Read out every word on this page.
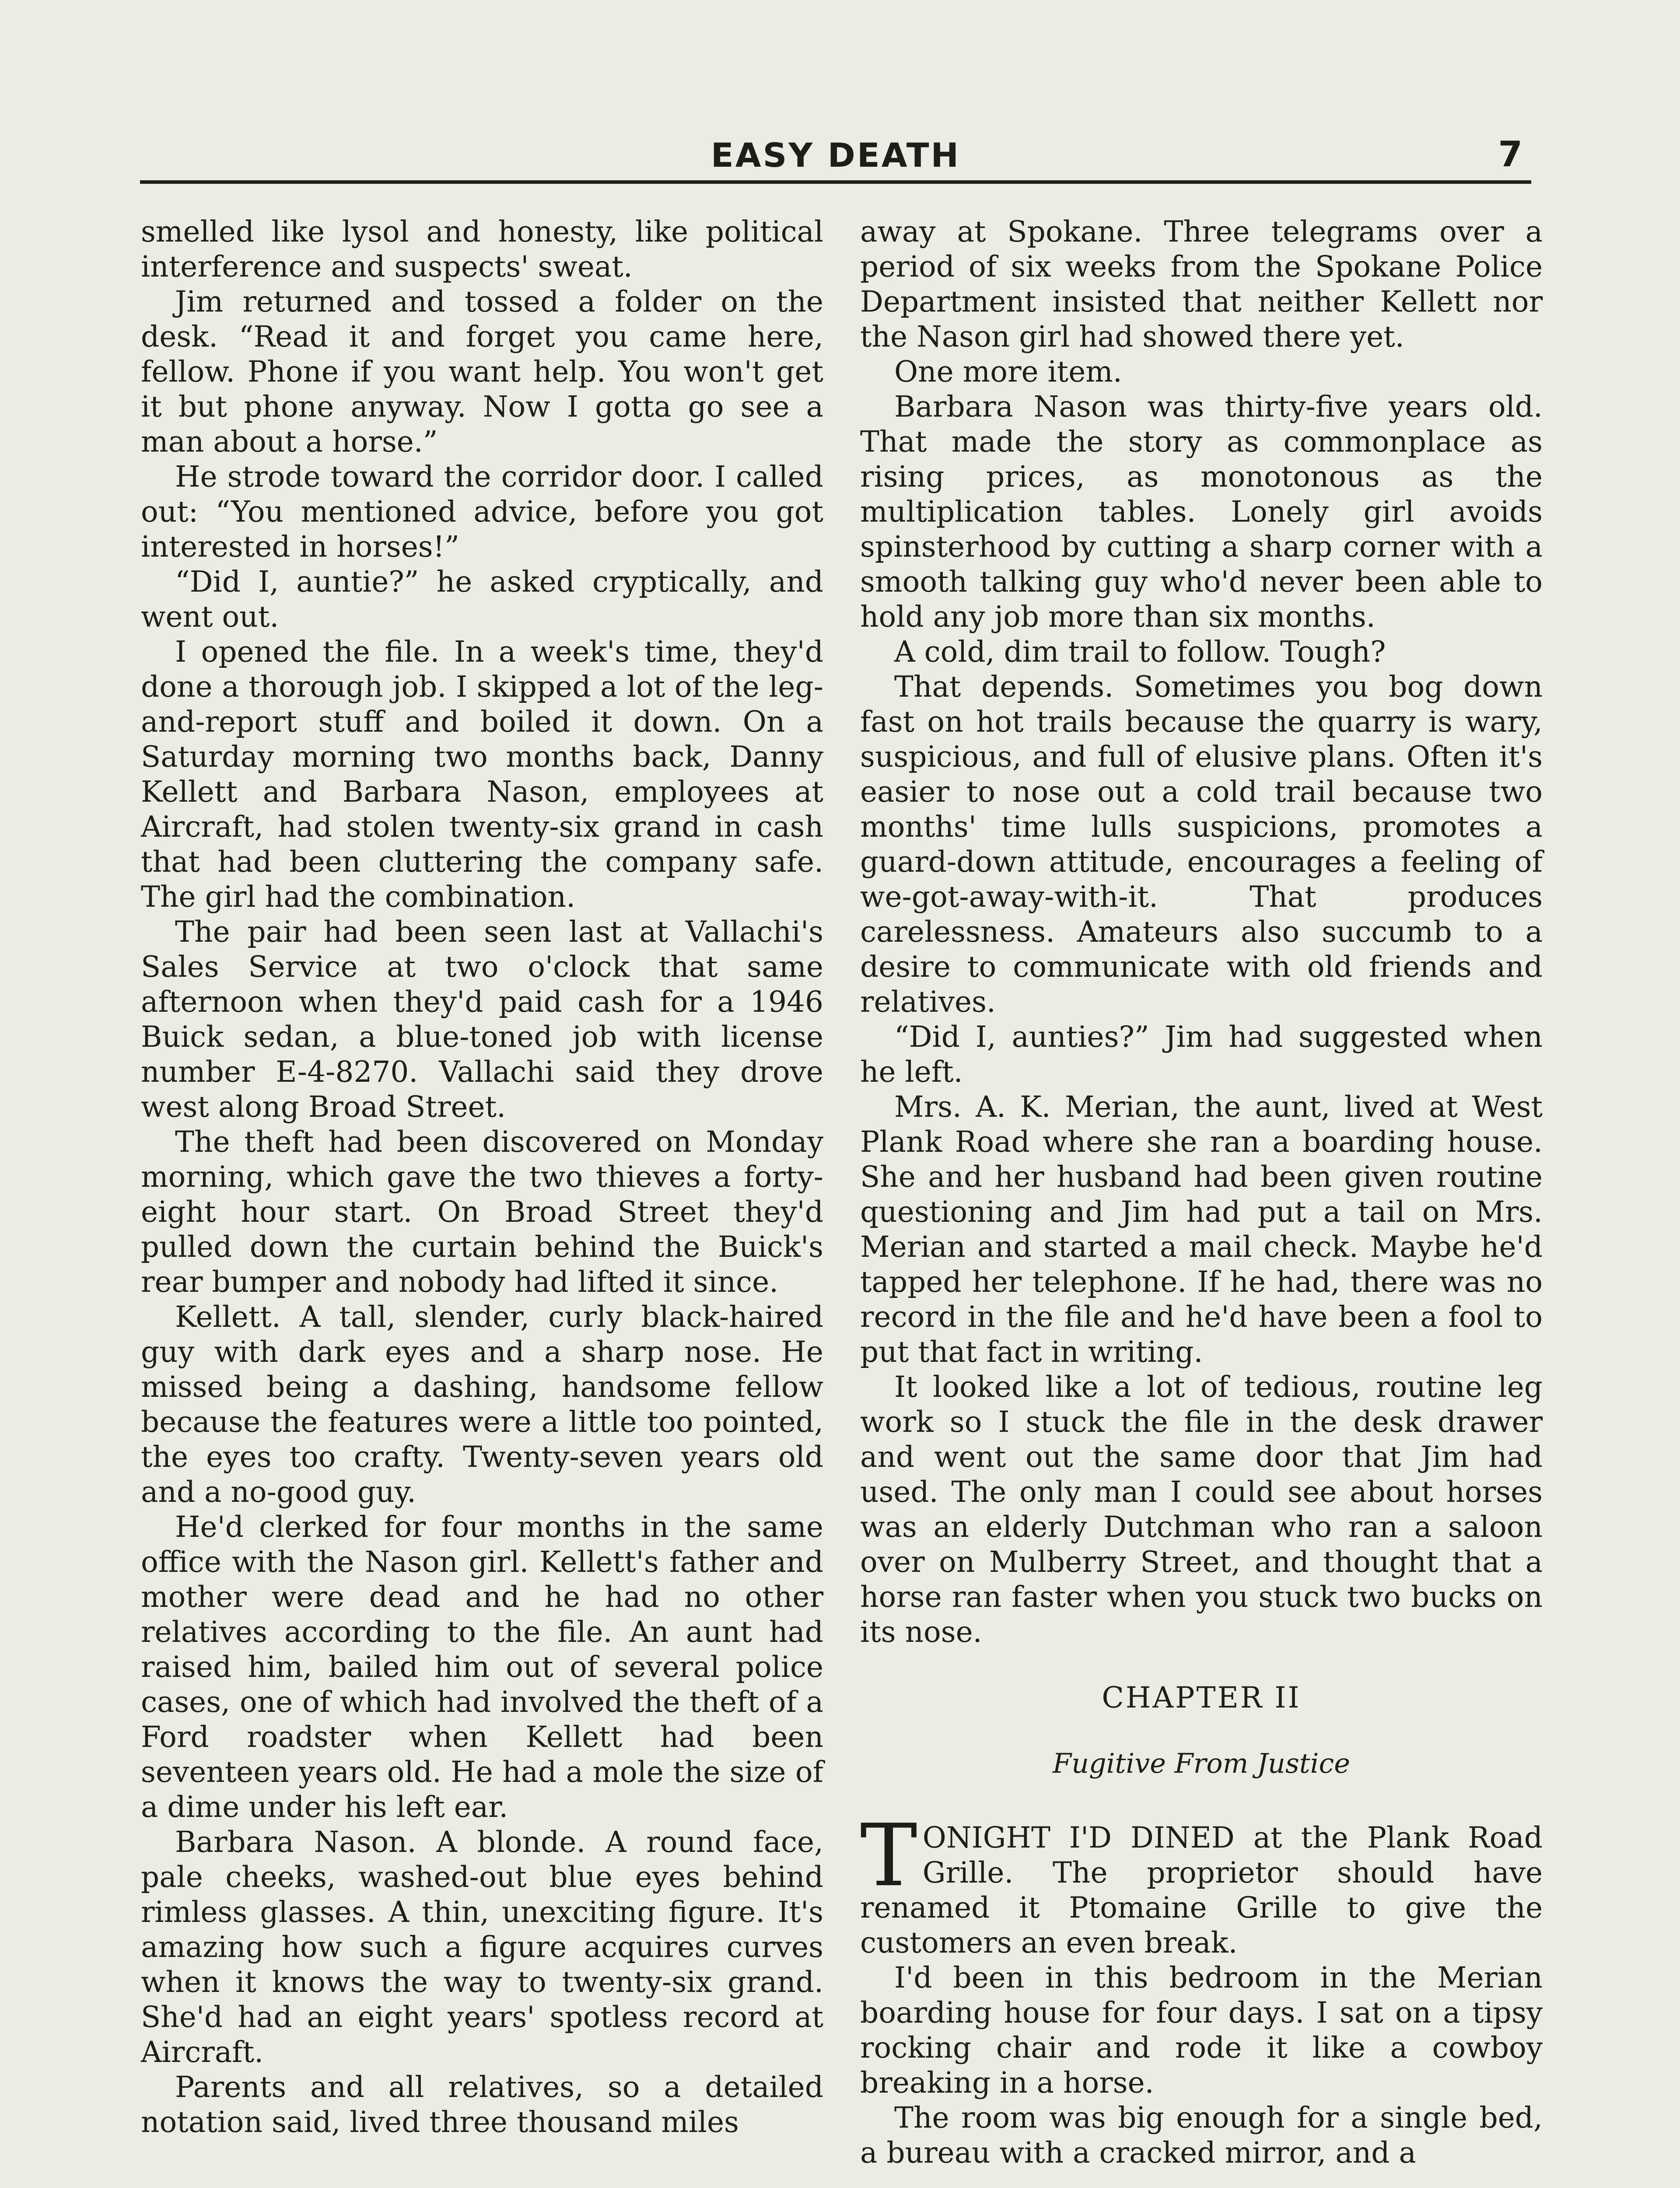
EASY DEATH	7

smelled like lysol and honesty, like political interference and suspects' sweat.

Jim returned and tossed a folder on the desk. “Read it and forget you came here, fellow. Phone if you want help. You won't get it but phone anyway. Now I gotta go see a man about a horse.”

He strode toward the corridor door. I called out: “You mentioned advice, before you got interested in horses!”

“Did I, auntie?” he asked cryptically, and went out.

I opened the file. In a week's time, they'd done a thorough job. I skipped a lot of the leg-and-report stuff and boiled it down. On a Saturday morning two months back, Danny Kellett and Barbara Nason, employees at Aircraft, had stolen twenty-six grand in cash that had been cluttering the company safe. The girl had the combination.

The pair had been seen last at Vallachi's Sales Service at two o'clock that same afternoon when they'd paid cash for a 1946 Buick sedan, a blue-toned job with license number E-4-8270. Vallachi said they drove west along Broad Street.

The theft had been discovered on Monday morning, which gave the two thieves a forty-eight hour start. On Broad Street they'd pulled down the curtain behind the Buick's rear bumper and nobody had lifted it since.

Kellett. A tall, slender, curly black-haired guy with dark eyes and a sharp nose. He missed being a dashing, handsome fellow because the features were a little too pointed, the eyes too crafty. Twenty-seven years old and a no-good guy.

He'd clerked for four months in the same office with the Nason girl. Kellett's father and mother were dead and he had no other relatives according to the file. An aunt had raised him, bailed him out of several police cases, one of which had involved the theft of a Ford roadster when Kellett had been seventeen years old. He had a mole the size of a dime under his left ear.

Barbara Nason. A blonde. A round face, pale cheeks, washed-out blue eyes behind rimless glasses. A thin, unexciting figure. It's amazing how such a figure acquires curves when it knows the way to twenty-six grand. She'd had an eight years' spotless record at Aircraft.

Parents and all relatives, so a detailed notation said, lived three thousand miles

away at Spokane. Three telegrams over a period of six weeks from the Spokane Police Department insisted that neither Kellett nor the Nason girl had showed there yet.

One more item.

Barbara Nason was thirty-five years old. That made the story as commonplace as rising prices, as monotonous as the multiplication tables. Lonely girl avoids spinsterhood by cutting a sharp corner with a smooth talking guy who'd never been able to hold any job more than six months.

A cold, dim trail to follow. Tough?

That depends. Sometimes you bog down fast on hot trails because the quarry is wary, suspicious, and full of elusive plans. Often it's easier to nose out a cold trail because two months' time lulls suspicions, promotes a guard-down attitude, encourages a feeling of we-got-away-with-it. That produces carelessness. Amateurs also succumb to a desire to communicate with old friends and relatives.

“Did I, aunties?” Jim had suggested when he left.

Mrs. A. K. Merian, the aunt, lived at West Plank Road where she ran a boarding house. She and her husband had been given routine questioning and Jim had put a tail on Mrs. Merian and started a mail check. Maybe he'd tapped her telephone. If he had, there was no record in the file and he'd have been a fool to put that fact in writing.

It looked like a lot of tedious, routine leg work so I stuck the file in the desk drawer and went out the same door that Jim had used. The only man I could see about horses was an elderly Dutchman who ran a saloon over on Mulberry Street, and thought that a horse ran faster when you stuck two bucks on its nose.

CHAPTER II
Fugitive From Justice

TONIGHT I'D DINED at the Plank Road Grille. The proprietor should have renamed it Ptomaine Grille to give the customers an even break.

I'd been in this bedroom in the Merian boarding house for four days. I sat on a tipsy rocking chair and rode it like a cowboy breaking in a horse.

The room was big enough for a single bed, a bureau with a cracked mirror, and a
